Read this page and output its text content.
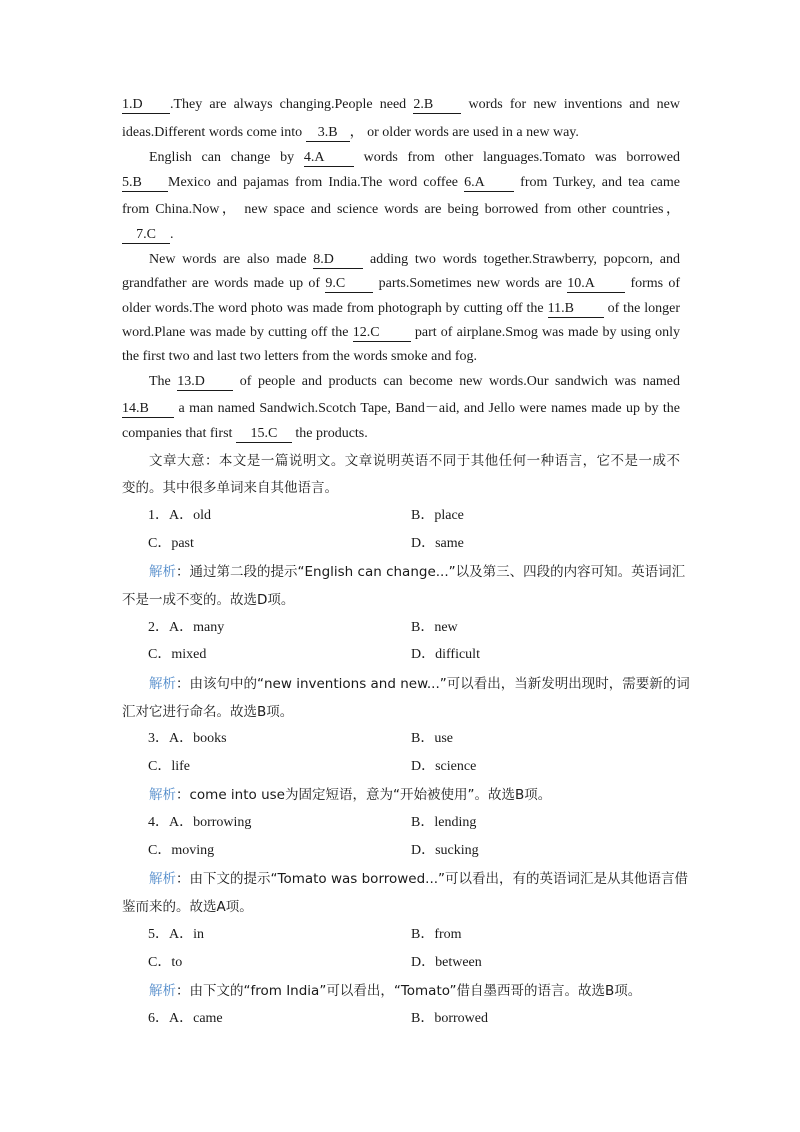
1.D .They are always changing.People need 2.B	words for new inventions and new
ideas.Different words come into 3.B ， or older words are used in a new way.
English can change by 4.A	words from other languages.Tomato was borrowed
5.B Mexico and pajamas from India.The word coffee 6.A	from Turkey, and tea came
from China.Now， new space and science words are being borrowed from other countries，
7.C .
New words are also made 8.D	adding two words together.Strawberry, popcorn, and
grandfather are words made up of 9.C parts.Sometimes new words are 10.A	forms of
older words.The word photo was made from photograph by cutting off the 11.B of the longer
word.Plane was made by cutting off the 12.C	part of airplane.Smog was made by using only
the first two and last two letters from the words smoke and fog.
The 13.D of people and products can become new words.Our sandwich was named
14.B a man named Sandwich.Scotch Tape, Band－aid, and Jello were names made up by the
companies that first 15.C the products.
文章大意：本文是一篇说明文。文章说明英语不同于其他任何一种语言，它不是一成不
变的。其中很多单词来自其他语言。
1．A．old	B．place
C．past	D．same
解析：通过第二段的提示“English can change...”以及第三、四段的内容可知。英语词汇
不是一成不变的。故选D项。
2．A．many	B．new
C．mixed	D．difficult
解析：由该句中的“new inventions and new...”可以看出，当新发明出现时，需要新的词
汇对它进行命名。故选B项。
3．A．books	B．use
C．life	D．science
解析：come into use为固定短语，意为“开始被使用”。故选B项。
4．A．borrowing	B．lending
C．moving	D．sucking
解析：由下文的提示“Tomato was borrowed...”可以看出，有的英语词汇是从其他语言借
鉴而来的。故选A项。
5．A．in	B．from
C．to	D．between
解析：由下文的“from India”可以看出，“Tomato”借自墨西哥的语言。故选B项。
6．A．came	B．borrowed
